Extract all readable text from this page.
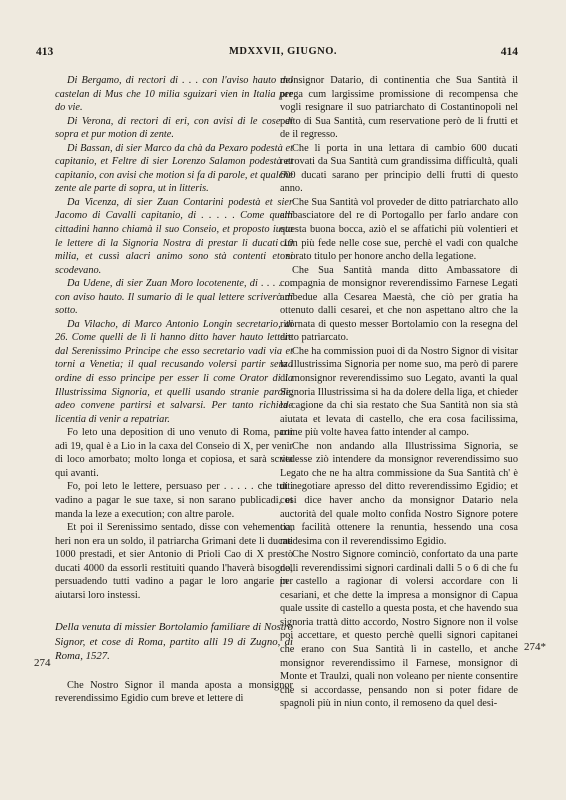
MDXXVII, GIUGNO.
413	414
274
274*

Di Bergamo, di rectori di . . . con l'aviso hauto del castelan di Mus che 10 milia sguizari vien in Italia per do vie.

Di Verona, di rectori di eri, con avisi di le cose di sopra et pur motion di zente.

Di Bassan, di sier Marco da chà da Pexaro podestà et capitanio, et Feltre di sier Lorenzo Salamon podestà et capitanio, con avisi che motion si fa di parole, et qualche zente ale parte di sopra, ut in litteris.

Da Vicenza, di sier Zuan Contarini podestà et sier Jacomo di Cavalli capitanio, di . . . . . Come quelli cittadini hanno chiamà il suo Conseio, et proposto iusta le lettere di la Signoria Nostra di prestar li ducati 10 milia, et cussì alacri animo sono stà contenti et si scodevano.

Da Udene, di sier Zuan Moro locotenente, di . . . . . . con aviso hauto. Il sumario di le qual lettere scriverò di sotto.

Da Vilacho, di Marco Antonio Longin secretario, di 26. Come quelli de lì li hanno ditto haver hauto lettere dal Serenissimo Principe che esso secretario vadi via et torni a Venetia; il qual recusando volersi partir senza ordine di esso principe per esser li come Orator di la Illustrissima Signoria, et quelli usando stranie parole, adeo convene partirsi et salvarsi. Per tanto richiede licentia di venir a repatriar.

Fo leto una deposition di uno venuto di Roma, partì adì 19, qual è a Lio in la caxa del Conseio di X, per venir di loco amorbato; molto longa et copiosa, et sarà scrita qui avanti.

Fo, poi leto le lettere, persuaso per . . . . . che tutti vadino a pagar le sue taxe, si non sarano publicadi, et manda la leze a execution; con altre parole.

Et poi il Serenissimo sentado, disse con vehementia, heri non era un soldo, il patriarcha Grimani dete li ducati 1000 prestadi, et sier Antonio di Prioli Cao di X prestò ducati 4000 da essorli restituiti quando l'haverà bisogno, persuadendo tutti vadino a pagar le loro angarie per aiutarsi loro instessi.

Della venuta di missier Bortolamio familiare di Nostro Signor, et cose di Roma, partito alli 19 di Zugno, di Roma, 1527.

Che Nostro Signor il manda aposta a monsignor reverendissimo Egidio cum breve et lettere di

monsignor Datario, di continentia che Sua Santità il prega cum largissime promissione di recompensa che vogli resignare il suo patriarchato di Costantinopoli nel petto di Sua Santità, cum reservatione però de li frutti et de il regresso.

Che li porta in una lettara di cambio 600 ducati retrovati da Sua Santità cum grandissima difficultà, quali 600 ducati sarano per principio delli frutti di questo anno.

Che Sua Santità vol proveder de ditto patriarchato allo ambasciatore del re di Portogallo per farlo andare con questa buona bocca, aziò el se affatichi più volentieri et cum più fede nelle cose sue, perchè el vadi con qualche onorato titulo per honore ancho della legatione.

Che Sua Santità manda ditto Ambassatore di compagnia de monsignor reverendissimo Farnese Legati ambedue alla Cesarea Maestà, che ciò per gratia ha ottenuto dalli cesarei, et che non aspettano altro che la ritornata di questo messer Bortolamio con la resegna del ditto patriarcato.

Che ha commission puoi di da Nostro Signor di visitar la Illustrissima Signoria per nome suo, ma però di parere di monsignor reverendissimo suo Legato, avanti la qual Signoria Illustrissima si ha da dolere della liga, et chieder la cagione da chi sia restato che Sua Santità non sia stà aiutata et levata di castello, che era cosa facilissima, come più volte havea fatto intender al campo.

Che non andando alla Illustrissima Signoria, se vedesse ziò intendere da monsignor reverendissimo suo Legato che ne ha altra commissione da Sua Santità ch' è di negotiare apresso del ditto reverendissimo Egidio; et cosi dice haver ancho da monsignor Datario nela auctorità del quale molto confida Nostro Signore potere con facilità ottenere la renuntia, hessendo una cosa medesima con il reverendissimo Egidio.

Che Nostro Signore cominciò, confortato da una parte delli reverendissimi signori cardinali dalli 5 o 6 di che fu in castello a ragionar di volersi accordare con li cesariani, et che dette la impresa a monsignor di Capua quale ussite di castello a questa posta, et che havendo sua signoria trattà ditto accordo, Nostro Signore non il volse poi accettare, et questo perchè quelli signori capitanei che erano con Sua Santità lì in castello, et anche monsignor reverendissimo il Farnese, monsignor di Monte et Traulzi, quali non voleano per niente consentire che si accordasse, pensando non si poter fidare de spagnoli più in niun conto, il remoseno da quel desi-
